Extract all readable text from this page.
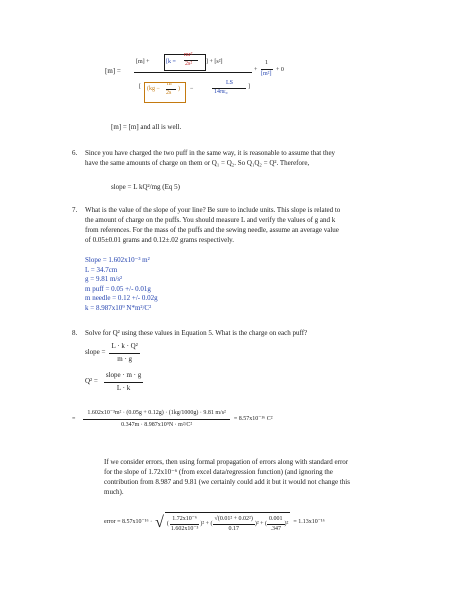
[m] =
[m] +	[k =
mr²
2s² ] + [s²]
[ (kg −
m
2s
) −
LS
14πε₀
]
+
1
[m²]
+ 0
[m] = [m] and all is well.
6. Since you have charged the two puff in the same way, it is reasonable to assume that they
have the same amounts of charge on them or Q₁ = Q₂. So Q₁Q₂ = Q². Therefore,
slope = L kQ²/mg (Eq 5)
7. What is the value of the slope of your line? Be sure to include units. This slope is related to
the amount of charge on the puffs. You should measure L and verify the values of g and k
from references. For the mass of the puffs and the sewing needle, assume an average value
of 0.05±0.01 grams and 0.12±.02 grams respectively.
Slope = 1.602x10⁻³ m²
L = 34.7cm
g = 9.81 m/s²
m puff = 0.05 +/- 0.01g
m needle = 0.12 +/- 0.02g
k = 8.987x10⁹ N*m²/C²
8. Solve for Q² using these values in Equation 5. What is the charge on each puff?
slope = $\frac{\text{L · k · Q²}}{m \cdot g}$
$Q^2 = \frac{\text{slope · m · g}}{L \cdot k}$
= $\frac{\text{1.602x10⁻³m² · (0.05g + 0.12g) · (1kg/1000g) · 9.81 m/s²}}{\text{0.347m · 8.987x10⁹N · m²/C²}} = 8.57x10^{-16}$ C²
If we consider errors, then using formal propagation of errors along with standard error
for the slope of 1.72x10⁻⁶ (from excel data/regression function) (and ignoring the
contribution from 8.987 and 9.81 (we certainly could add it but it would not change this
much).
error = 8.57x10⁻¹⁶ · √ ( $\frac{\text{1.72x10⁻⁶}}{\text{1.602x10⁻³}} )^2$ + ( $\frac{\text{√(0.01² + 0.02²)}}{0.17} )^2$ + ( $\frac{0.001}{.347} )^2 = 1.13x10^{-16}$
